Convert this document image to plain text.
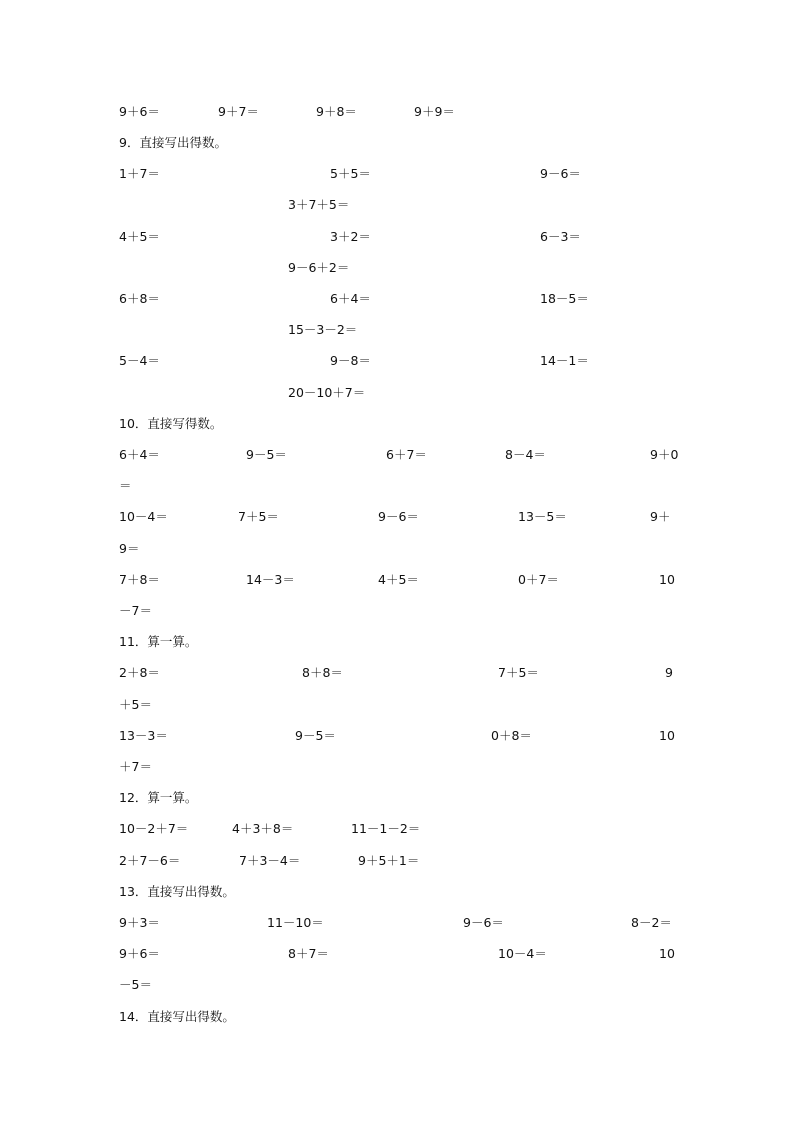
9＋6＝	9＋7＝	9＋8＝	9＋9＝
9．直接写出得数。
1＋7＝	5＋5＝	9－6＝
3＋7＋5＝
4＋5＝	3＋2＝	6－3＝
9－6＋2＝
6＋8＝	6＋4＝	18－5＝
15－3－2＝
5－4＝	9－8＝	14－1＝
20－10＋7＝
10．直接写得数。
6＋4＝	9－5＝	6＋7＝	8－4＝	9＋0
＝
10－4＝	7＋5＝	9－6＝	13－5＝	9＋
9＝
7＋8＝	14－3＝	4＋5＝	0＋7＝	10
－7＝
11．算一算。
2＋8＝	8＋8＝	7＋5＝	9
＋5＝
13－3＝	9－5＝	0＋8＝	10
＋7＝
12．算一算。
10－2＋7＝	4＋3＋8＝	11－1－2＝
2＋7－6＝	7＋3－4＝	9＋5＋1＝
13．直接写出得数。
9＋3＝	11－10＝	9－6＝	8－2＝
9＋6＝	8＋7＝	10－4＝	10
－5＝
14．直接写出得数。
